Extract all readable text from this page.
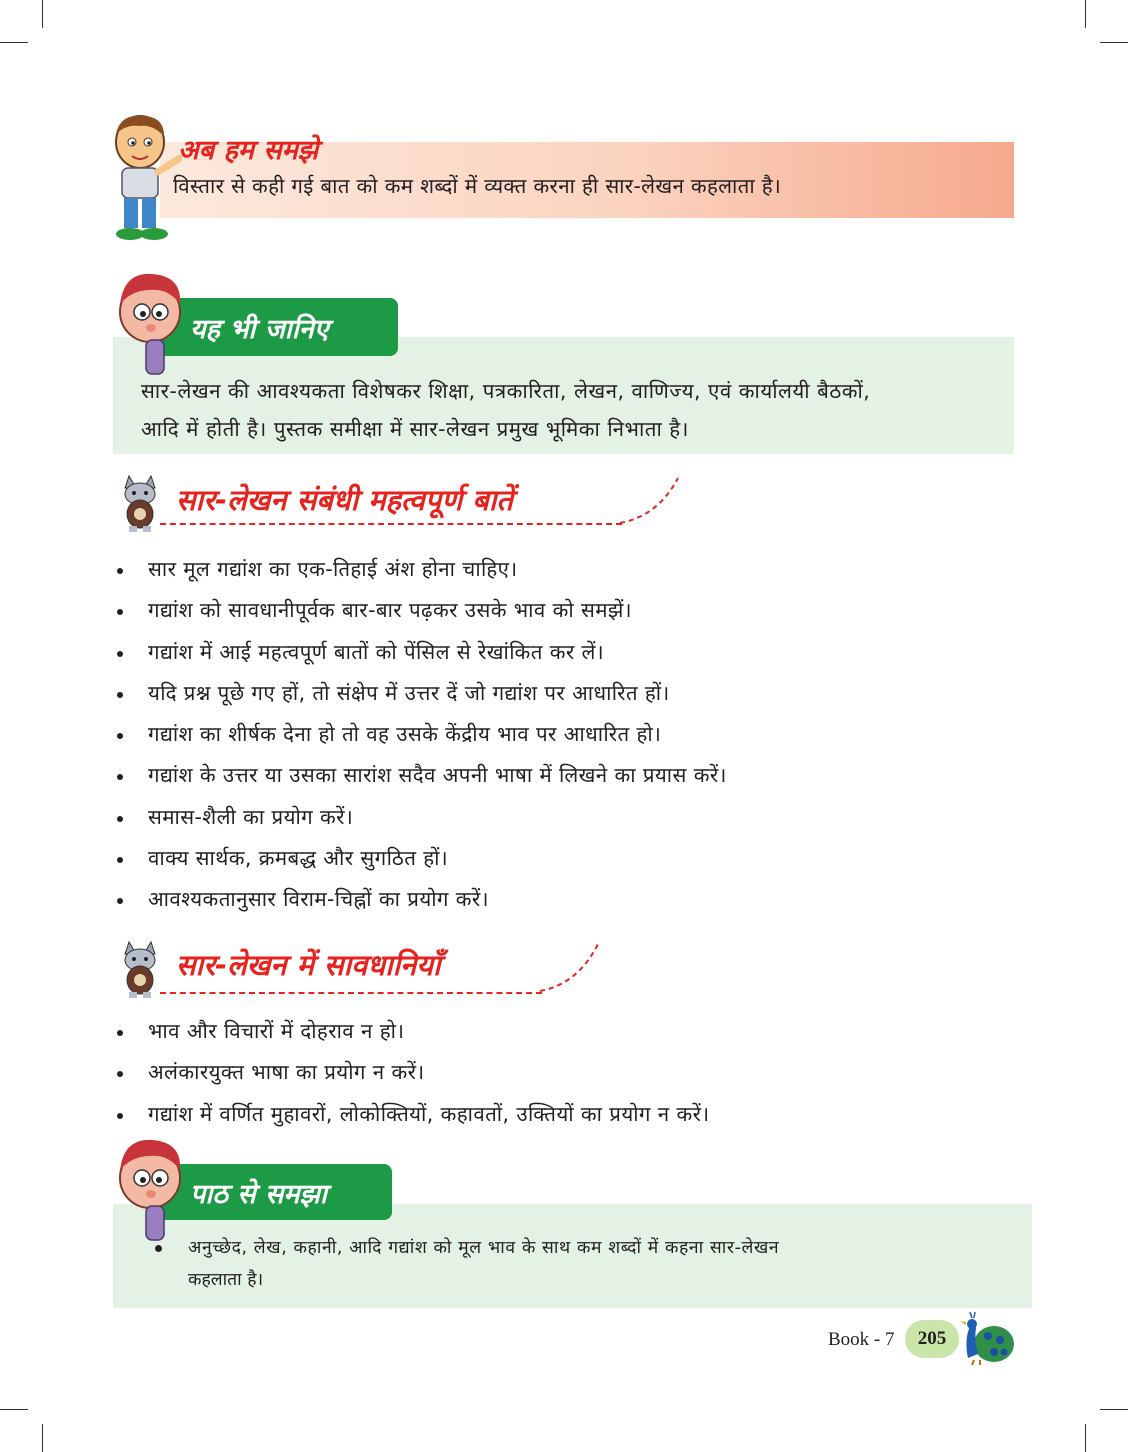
अब हम समझे
विस्तार से कही गई बात को कम शब्दों में व्यक्त करना ही सार-लेखन कहलाता है।
यह भी जानिए
सार-लेखन की आवश्यकता विशेषकर शिक्षा, पत्रकारिता, लेखन, वाणिज्य, एवं कार्यालयी बैठकों,
आदि में होती है। पुस्तक समीक्षा में सार-लेखन प्रमुख भूमिका निभाता है।
सार-लेखन संबंधी महत्वपूर्ण बातें
सार मूल गद्यांश का एक-तिहाई अंश होना चाहिए।
गद्यांश को सावधानीपूर्वक बार-बार पढ़कर उसके भाव को समझें।
गद्यांश में आई महत्वपूर्ण बातों को पेंसिल से रेखांकित कर लें।
यदि प्रश्न पूछे गए हों, तो संक्षेप में उत्तर दें जो गद्यांश पर आधारित हों।
गद्यांश का शीर्षक देना हो तो वह उसके केंद्रीय भाव पर आधारित हो।
गद्यांश के उत्तर या उसका सारांश सदैव अपनी भाषा में लिखने का प्रयास करें।
समास-शैली का प्रयोग करें।
वाक्य सार्थक, क्रमबद्ध और सुगठित हों।
आवश्यकतानुसार विराम-चिह्नों का प्रयोग करें।
सार-लेखन में सावधानियाँ
भाव और विचारों में दोहराव न हो।
अलंकारयुक्त भाषा का प्रयोग न करें।
गद्यांश में वर्णित मुहावरों, लोकोक्तियों, कहावतों, उक्तियों का प्रयोग न करें।
पाठ से समझा
अनुच्छेद, लेख, कहानी, आदि गद्यांश को मूल भाव के साथ कम शब्दों में कहना सार-लेखन
कहलाता है।
Book - 7	205
